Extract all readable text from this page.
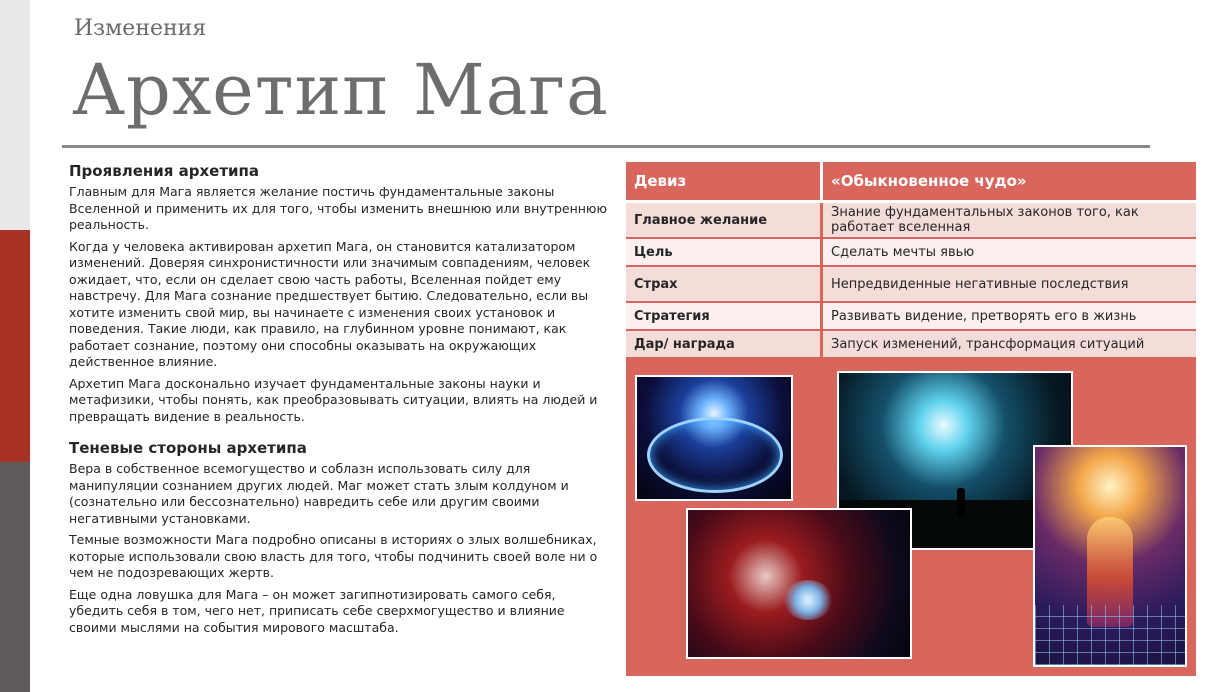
Изменения
Архетип Мага
Проявления архетипа

Главным для Мага является желание постичь фундаментальные законы Вселенной и применить их для того, чтобы изменить внешнюю или внутреннюю реальность.

Когда у человека активирован архетип Мага, он становится катализатором изменений. Доверяя синхронистичности или значимым совпадениям, человек ожидает, что, если он сделает свою часть работы, Вселенная пойдет ему навстречу. Для Мага сознание предшествует бытию. Следовательно, если вы хотите изменить свой мир, вы начинаете с изменения своих установок и поведения. Такие люди, как правило, на глубинном уровне понимают, как работает сознание, поэтому они способны оказывать на окружающих действенное влияние.

Архетип Мага досконально изучает фундаментальные законы науки и метафизики, чтобы понять, как преобразовывать ситуации, влиять на людей и превращать видение в реальность.

Теневые стороны архетипа

Вера в собственное всемогущество и соблазн использовать силу для манипуляции сознанием других людей. Маг может стать злым колдуном и (сознательно или бессознательно) навредить себе или другим своими негативными установками.

Темные возможности Мага подробно описаны в историях о злых волшебниках, которые использовали свою власть для того, чтобы подчинить своей воле ни о чем не подозревающих жертв.

Еще одна ловушка для Мага – он может загипнотизировать самого себя, убедить себя в том, чего нет, приписать себе сверхмогущество и влияние своими мыслями на события мирового масштаба.

Девиз	«Обыкновенное чудо»
Главное желание	Знание фундаментальных законов того, как работает вселенная
Цель	Сделать мечты явью
Страх	Непредвиденные негативные последствия
Стратегия	Развивать видение, претворять его в жизнь
Дар/ награда	Запуск изменений, трансформация ситуаций
